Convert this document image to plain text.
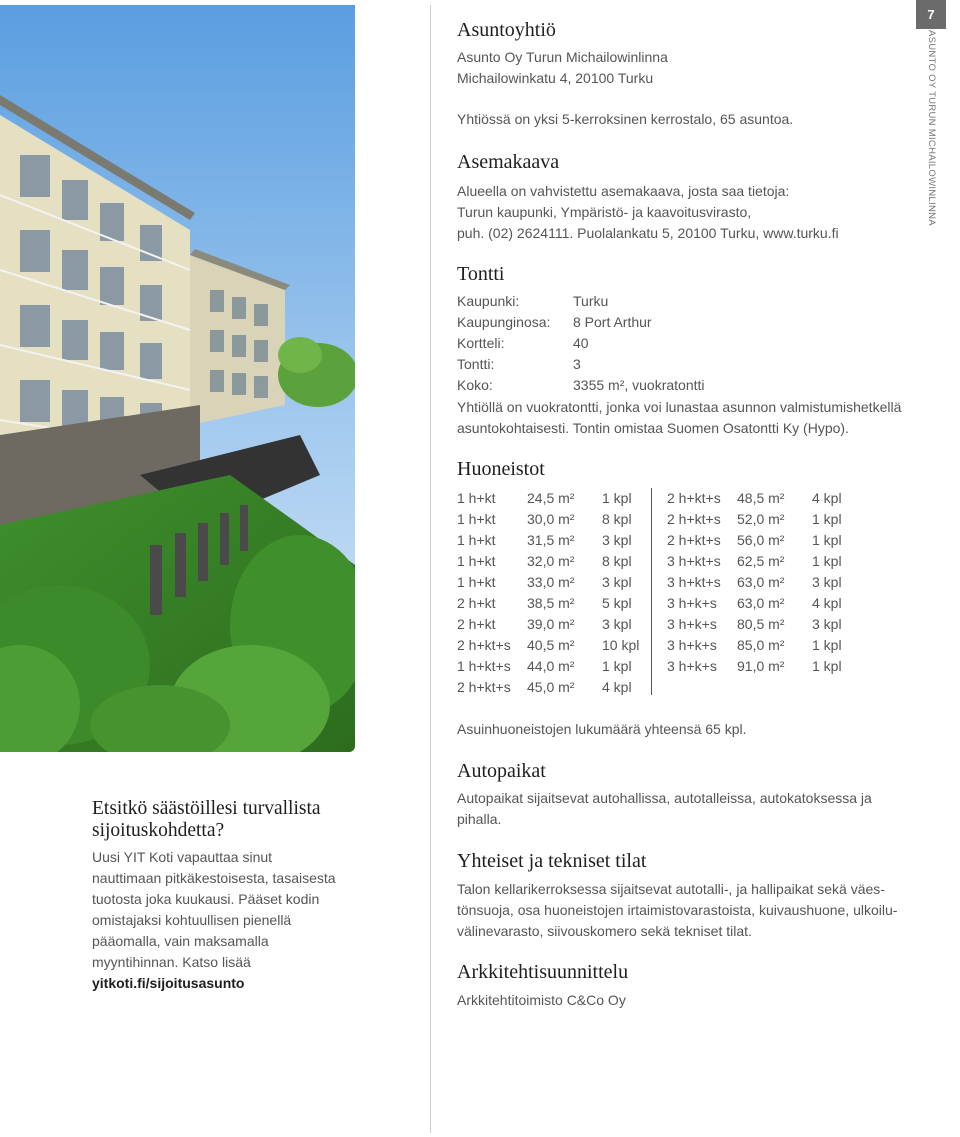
7
ASUNTO OY TURUN MICHAILOWINLINNA
Asuntoyhtiö

Asunto Oy Turun Michailowinlinna

Michailowinkatu 4, 20100 Turku

Yhtiössä on yksi 5-kerroksinen kerrostalo, 65 asuntoa.

Asemakaava

Alueella on vahvistettu asemakaava, josta saa tietoja:

Turun kaupunki, Ympäristö- ja kaavoitusvirasto,

puh. (02) 2624111. Puolalankatu 5, 20100 Turku, www.turku.fi

Tontti
Kaupunki:	Turku
Kaupunginosa: 8 Port Arthur
Kortteli:	40
Tontti:	3
Koko:	3355 m², vuokratontti

Yhtiöllä on vuokratontti, jonka voi lunastaa asunnon valmistumishetkellä

asuntokohtaisesti. Tontin omistaa Suomen Osatontti Ky (Hypo).

Huoneistot
1 h+kt 24,5 m² 1 kpl
1 h+kt 30,0 m² 8 kpl
1 h+kt 31,5 m² 3 kpl
1 h+kt 32,0 m² 8 kpl
1 h+kt 33,0 m² 3 kpl
2 h+kt 38,5 m² 5 kpl
2 h+kt 39,0 m² 3 kpl
2 h+kt+s 40,5 m² 10 kpl
1 h+kt+s 44,0 m² 1 kpl
2 h+kt+s 45,0 m² 4 kpl
2 h+kt+s 48,5 m² 4 kpl
2 h+kt+s 52,0 m² 1 kpl
2 h+kt+s 56,0 m² 1 kpl
3 h+kt+s 62,5 m² 1 kpl
3 h+kt+s 63,0 m² 3 kpl
3 h+k+s 63,0 m² 4 kpl
3 h+k+s 80,5 m² 3 kpl
3 h+k+s 85,0 m² 1 kpl
3 h+k+s 91,0 m² 1 kpl

Asuinhuoneistojen lukumäärä yhteensä 65 kpl.

Autopaikat

Autopaikat sijaitsevat autohallissa, autotalleissa, autokatoksessa ja

pihalla.

Yhteiset ja tekniset tilat

Talon kellarikerroksessa sijaitsevat autotalli-, ja hallipaikat sekä väes-

tönsuoja, osa huoneistojen irtaimistovarastoista, kuivaushuone, ulkoilu-

välinevarasto, siivouskomero sekä tekniset tilat.

Arkkitehtisuunnittelu

Arkkitehtitoimisto C&Co Oy

Etsitkö säästöillesi turvallista sijoituskohdetta?

Uusi YIT Koti vapauttaa sinut nauttimaan pitkäkestoisesta, tasaisesta tuotosta joka kuukausi. Pääset kodin omistajaksi kohtuullisen pienellä pääomalla, vain maksamalla myyntihinnan. Katso lisää yitkoti.fi/sijoitusasunto
